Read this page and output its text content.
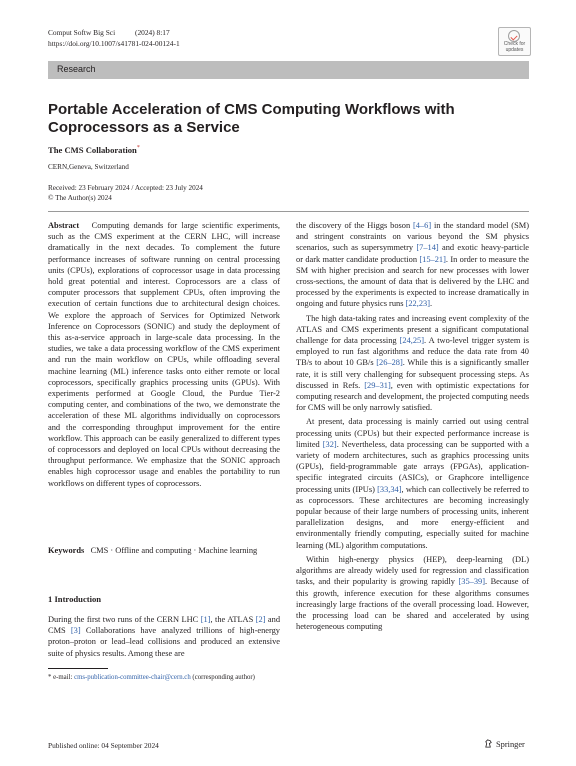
Comput Softw Big Sci	(2024) 8:17
https://doi.org/10.1007/s41781-024-00124-1	Check for updates
Research
Portable Acceleration of CMS Computing Workflows with Coprocessors as a Service
The CMS Collaboration*
CERN,Geneva, Switzerland
Received: 23 February 2024 / Accepted: 23 July 2024
© The Author(s) 2024

Abstract Computing demands for large scientific experiments, such as the CMS experiment at the CERN LHC, will increase dramatically in the next decades. To complement the future performance increases of software running on central processing units (CPUs), explorations of coprocessor usage in data processing hold great potential and interest. Coprocessors are a class of computer processors that supplement CPUs, often improving the execution of certain functions due to architectural design choices. We explore the approach of Services for Optimized Network Inference on Coprocessors (SONIC) and study the deployment of this as-a-service approach in large-scale data processing. In the studies, we take a data processing workflow of the CMS experiment and run the main workflow on CPUs, while offloading several machine learning (ML) inference tasks onto either remote or local coprocessors, specifically graphics processing units (GPUs). With experiments performed at Google Cloud, the Purdue Tier-2 computing center, and combinations of the two, we demonstrate the acceleration of these ML algorithms individually on coprocessors and the corresponding throughput improvement for the entire workflow. This approach can be easily generalized to different types of coprocessors and deployed on local CPUs without decreasing the throughput performance. We emphasize that the SONIC approach enables high coprocessor usage and enables the portability to run workflows on different types of coprocessors.

Keywords CMS · Offline and computing · Machine learning

1 Introduction

During the first two runs of the CERN LHC [1], the ATLAS [2] and CMS [3] Collaborations have analyzed trillions of high-energy proton–proton or lead–lead collisions and produced an extensive suite of physics results. Among these are

* e-mail: cms-publication-committee-chair@cern.ch (corresponding author)

the discovery of the Higgs boson [4–6] in the standard model (SM) and stringent constraints on various beyond the SM physics scenarios, such as supersymmetry [7–14] and exotic heavy-particle or dark matter candidate production [15–21]. In order to measure the SM with higher precision and search for new processes with lower cross-sections, the amount of data that is delivered by the LHC and processed by the experiments is expected to increase dramatically in ongoing and future physics runs [22,23].

The high data-taking rates and increasing event complexity of the ATLAS and CMS experiments present a significant computational challenge for data processing [24,25]. A two-level trigger system is employed to run fast algorithms and reduce the data rate from 40 TB/s to about 10 GB/s [26–28]. While this is a significantly smaller rate, it is still very challenging for subsequent processing steps. As discussed in Refs. [29–31], even with optimistic expectations for computing research and development, the projected computing needs for CMS will be only narrowly satisfied.

At present, data processing is mainly carried out using central processing units (CPUs) but their expected performance increase is limited [32]. Nevertheless, data processing can be supported with a variety of modern architectures, such as graphics processing units (GPUs), field-programmable gate arrays (FPGAs), application-specific integrated circuits (ASICs), or Graphcore intelligence processing units (IPUs) [33,34], which can collectively be referred to as coprocessors. These architectures are becoming increasingly popular because of their large numbers of processing units, inherent parallelization designs, and more energy-efficient and environmentally friendly computing, especially suited for machine learning (ML) algorithm computations.

Within high-energy physics (HEP), deep-learning (DL) algorithms are already widely used for regression and classification tasks, and their popularity is growing rapidly [35–39]. Because of this growth, inference execution for these algorithms consumes increasingly large fractions of the overall processing load. However, the processing load can be shared and accelerated by using heterogeneous computing

Published online: 04 September 2024	Springer
